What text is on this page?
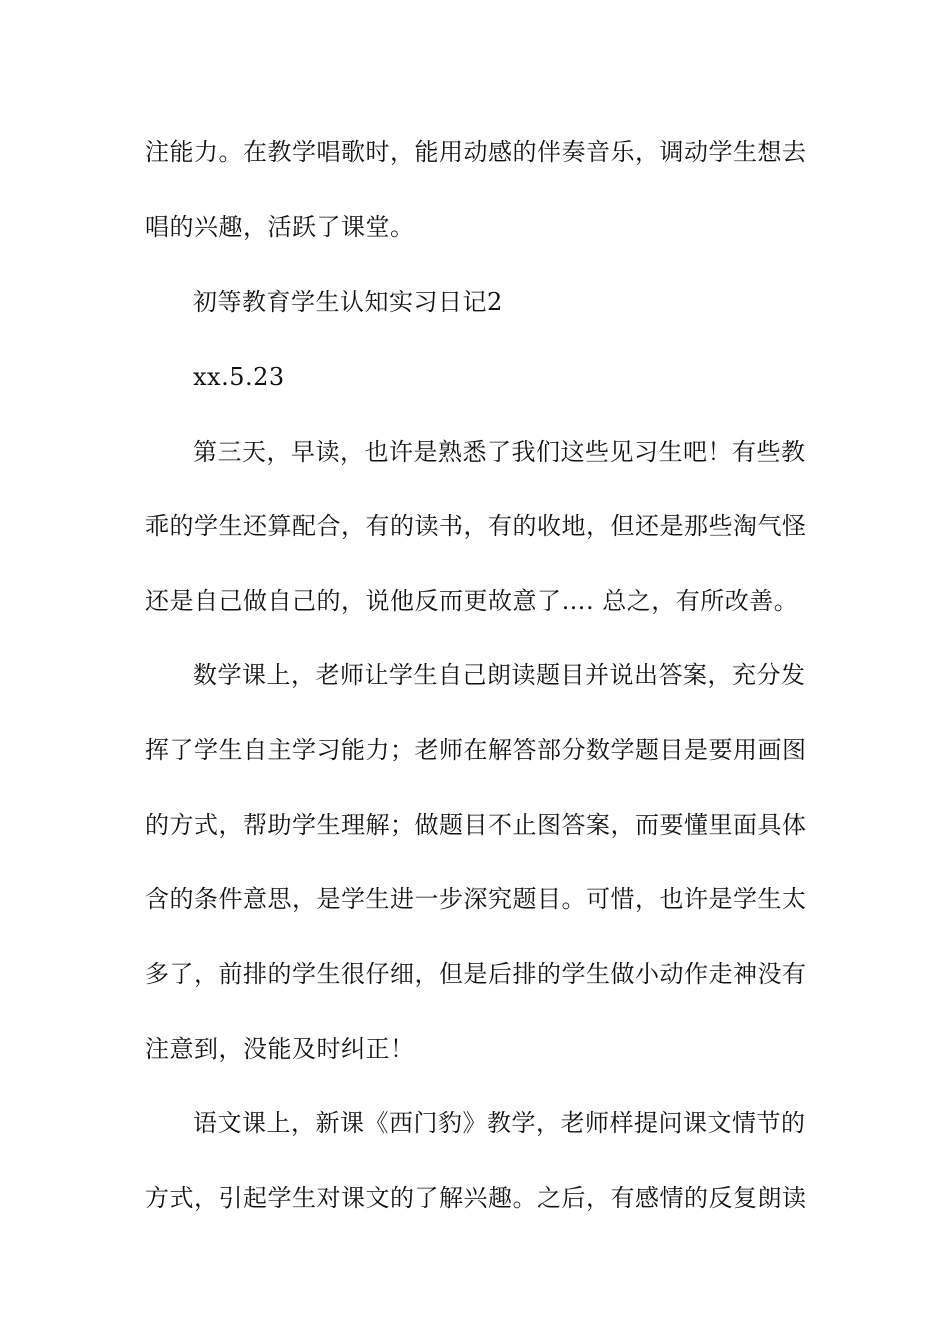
注能力。在教学唱歌时，能用动感的伴奏音乐，调动学生想去
唱的兴趣，活跃了课堂。
初等教育学生认知实习日记2
xx.5.23
第三天，早读，也许是熟悉了我们这些见习生吧！有些教
乖的学生还算配合，有的读书，有的收地，但还是那些淘气怪
还是自己做自己的，说他反而更故意了…. 总之，有所改善。
数学课上，老师让学生自己朗读题目并说出答案，充分发
挥了学生自主学习能力；老师在解答部分数学题目是要用画图
的方式，帮助学生理解；做题目不止图答案，而要懂里面具体
含的条件意思，是学生进一步深究题目。可惜，也许是学生太
多了，前排的学生很仔细，但是后排的学生做小动作走神没有
注意到，没能及时纠正！
语文课上，新课《西门豹》教学，老师样提问课文情节的
方式，引起学生对课文的了解兴趣。之后，有感情的反复朗读
